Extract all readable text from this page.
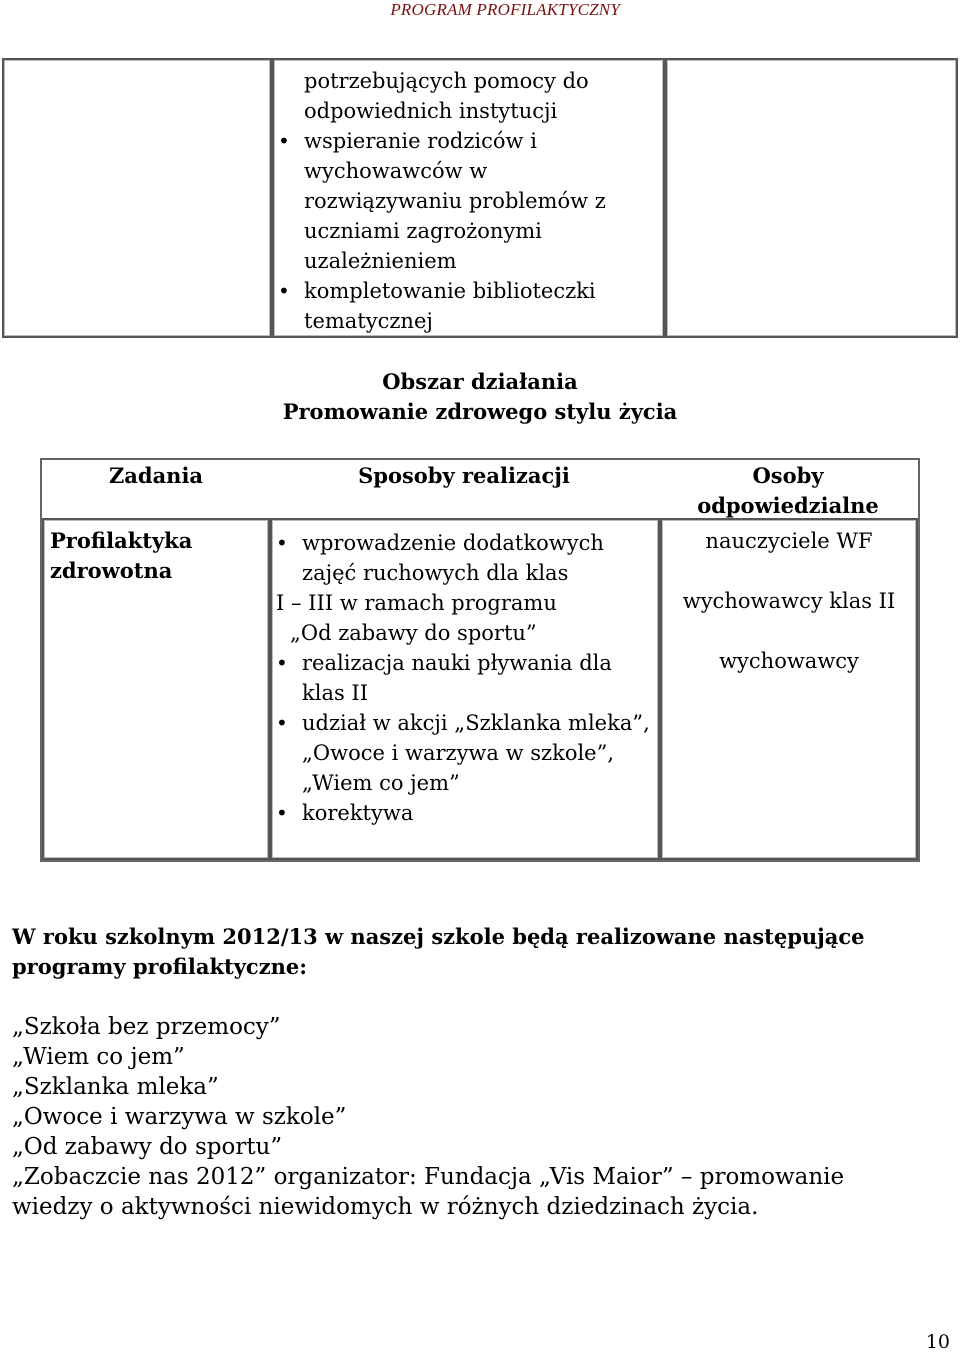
PROGRAM PROFILAKTYCZNY
potrzebujących pomocy do odpowiednich instytucji
• wspieranie rodziców i wychowawców w rozwiązywaniu problemów z uczniami zagrożonymi uzależnieniem
• kompletowanie biblioteczki tematycznej
Obszar działania
Promowanie zdrowego stylu życia
Zadania	Sposoby realizacji	Osoby odpowiedzialne
Profilaktyka zdrowotna
• wprowadzenie dodatkowych zajęć ruchowych dla klas
I – III w ramach programu
„Od zabawy do sportu”
• realizacja nauki pływania dla klas II
• udział w akcji „Szklanka mleka”, „Owoce i warzywa w szkole”, „Wiem co jem”
• korektywa
nauczyciele WF
wychowawcy klas II
wychowawcy
W roku szkolnym 2012/13 w naszej szkole będą realizowane następujące programy profilaktyczne:
„Szkoła bez przemocy”
„Wiem co jem”
„Szklanka mleka”
„Owoce i warzywa w szkole”
„Od zabawy do sportu”
„Zobaczcie nas 2012” organizator: Fundacja „Vis Maior” – promowanie
wiedzy o aktywności niewidomych w różnych dziedzinach życia.
10
